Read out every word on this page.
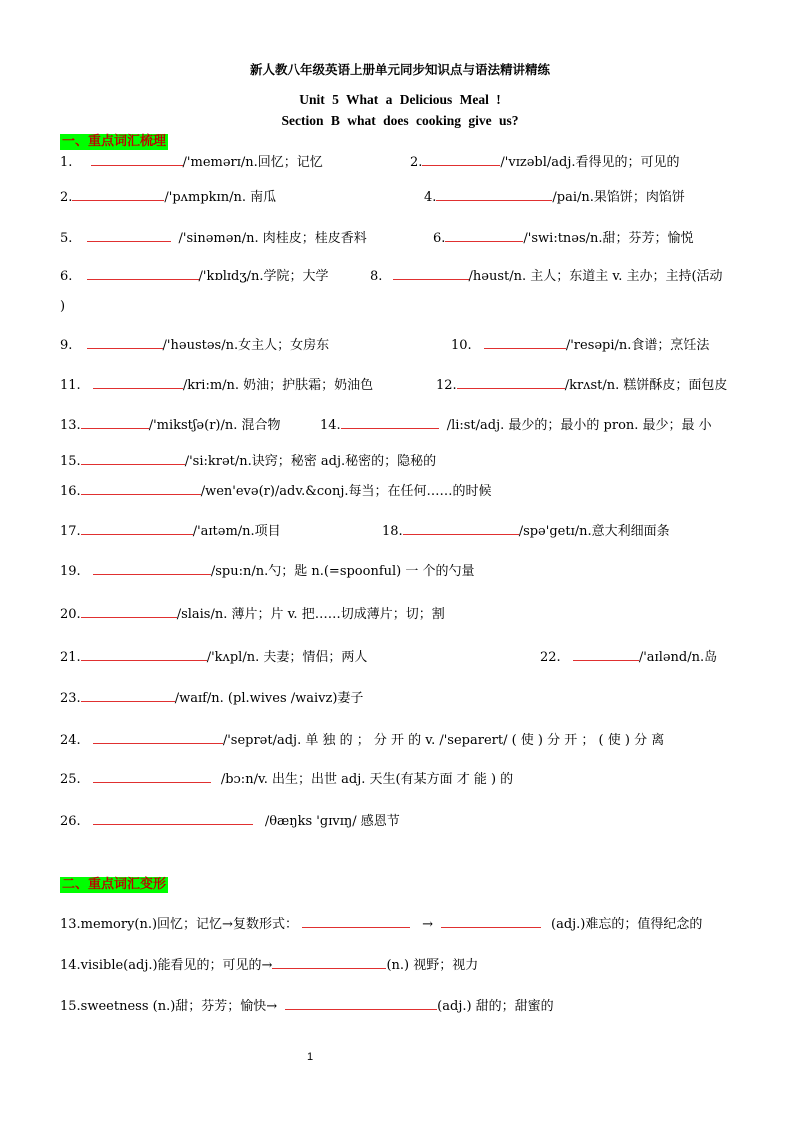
新人教八年级英语上册单元同步知识点与语法精讲精练
Unit 5 What a Delicious Meal !
Section B what does cooking give us?
一、重点词汇梳理
1.	/'memərɪ/n.回忆；记忆	2.	/'vɪzəbl/adj.看得见的；可见的
2.	/'pʌmpkɪn/n. 南瓜	4.	/pai/n.果馅饼；肉馅饼
5.	/'sinəmən/n. 肉桂皮；桂皮香料	6.	/'swi:tnəs/n.甜；芬芳；愉悦
6.	/'kɒlɪdʒ/n.学院；大学	8.	/həust/n. 主人；东道主 v. 主办；主持(活动
)
9.	/'həustəs/n.女主人；女房东	10.	/'resəpi/n.食谱；烹饪法
11.	/kri:m/n. 奶油；护肤霜；奶油色	12.	/krʌst/n. 糕饼酥皮；面包皮
13.	/'mikstʃə(r)/n. 混合物	14.	/li:st/adj. 最少的；最小的 pron. 最少；最 小
15.	/'si:krət/n.诀窍；秘密 adj.秘密的；隐秘的
16.	/wen'evə(r)/adv.&conj.每当；在任何……的时候
17.	/'aɪtəm/n.项目	18.	/spə'getɪ/n.意大利细面条
19.	/spu:n/n.勺；匙 n.(=spoonful) 一 个的勺量
20.	/slais/n. 薄片；片 v. 把……切成薄片；切；割
21.	/'kʌpl/n. 夫妻；情侣；两人	22.	/'aɪlənd/n.岛
23.	/waɪf/n. (pl.wives /waivz)妻子
24.	/'seprət/adj. 单 独 的 ； 分 开 的 v. /'separert/ ( 使 ) 分 开 ； ( 使 ) 分 离
25.	/bɔ:n/v. 出生；出世 adj. 天生(有某方面 才 能 ) 的
26.	/θæŋks 'gɪvɪŋ/ 感恩节
二、重点词汇变形
13.memory(n.)回忆；记忆→复数形式：	→	(adj.)难忘的；值得纪念的
14.visible(adj.)能看见的；可见的→	(n.) 视野；视力
15.sweetness (n.)甜；芬芳；愉快→	(adj.) 甜的；甜蜜的
1
